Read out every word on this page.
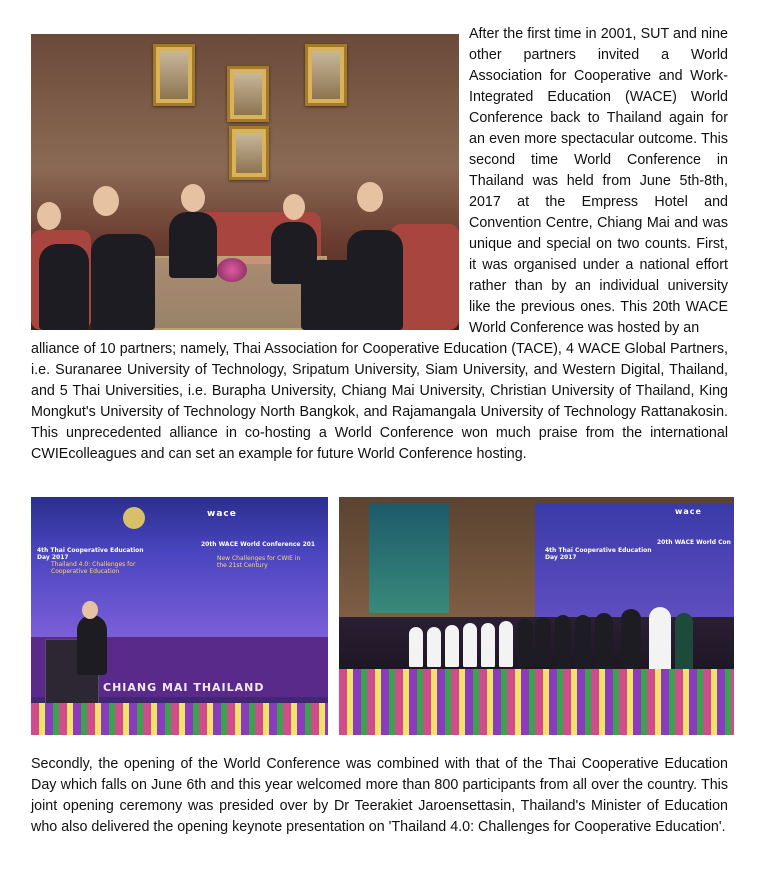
After the first time in 2001, SUT and nine other partners invited a World Association for Cooperative and Work-Integrated Education (WACE) World Conference back to Thailand again for an even more spectacular outcome. This second time World Conference in Thailand was held from June 5th-8th, 2017 at the Empress Hotel and Convention Centre, Chiang Mai and was unique and special on two counts. First, it was organised under a national effort rather than by an individual university like the previous ones. This 20th WACE World Conference was hosted by an

alliance of 10 partners; namely, Thai Association for Cooperative Education (TACE), 4 WACE Global Partners, i.e. Suranaree University of Technology, Sripatum University, Siam University, and Western Digital, Thailand, and 5 Thai Universities, i.e. Burapha University, Chiang Mai University, Christian University of Thailand, King Mongkut's University of Technology North Bangkok, and Rajamangala University of Technology Rattanakosin. This unprecedented alliance in co-hosting a World Conference won much praise from the international CWIEcolleagues and can set an example for future World Conference hosting.

wace
4th Thai Cooperative Education Day 2017
Thailand 4.0: Challenges for Cooperative Education
20th WACE World Conference 201
New Challenges for CWIE in the 21st Century
CHIANG MAI THAILAND
wace
4th Thai Cooperative Education Day 2017
20th WACE World Con

Secondly, the opening of the World Conference was combined with that of the Thai Cooperative Education Day which falls on June 6th and this year welcomed more than 800 participants from all over the country. This joint opening ceremony was presided over by Dr Teerakiet Jaroensettasin, Thailand's Minister of Education who also delivered the opening keynote presentation on 'Thailand 4.0: Challenges for Cooperative Education'.
